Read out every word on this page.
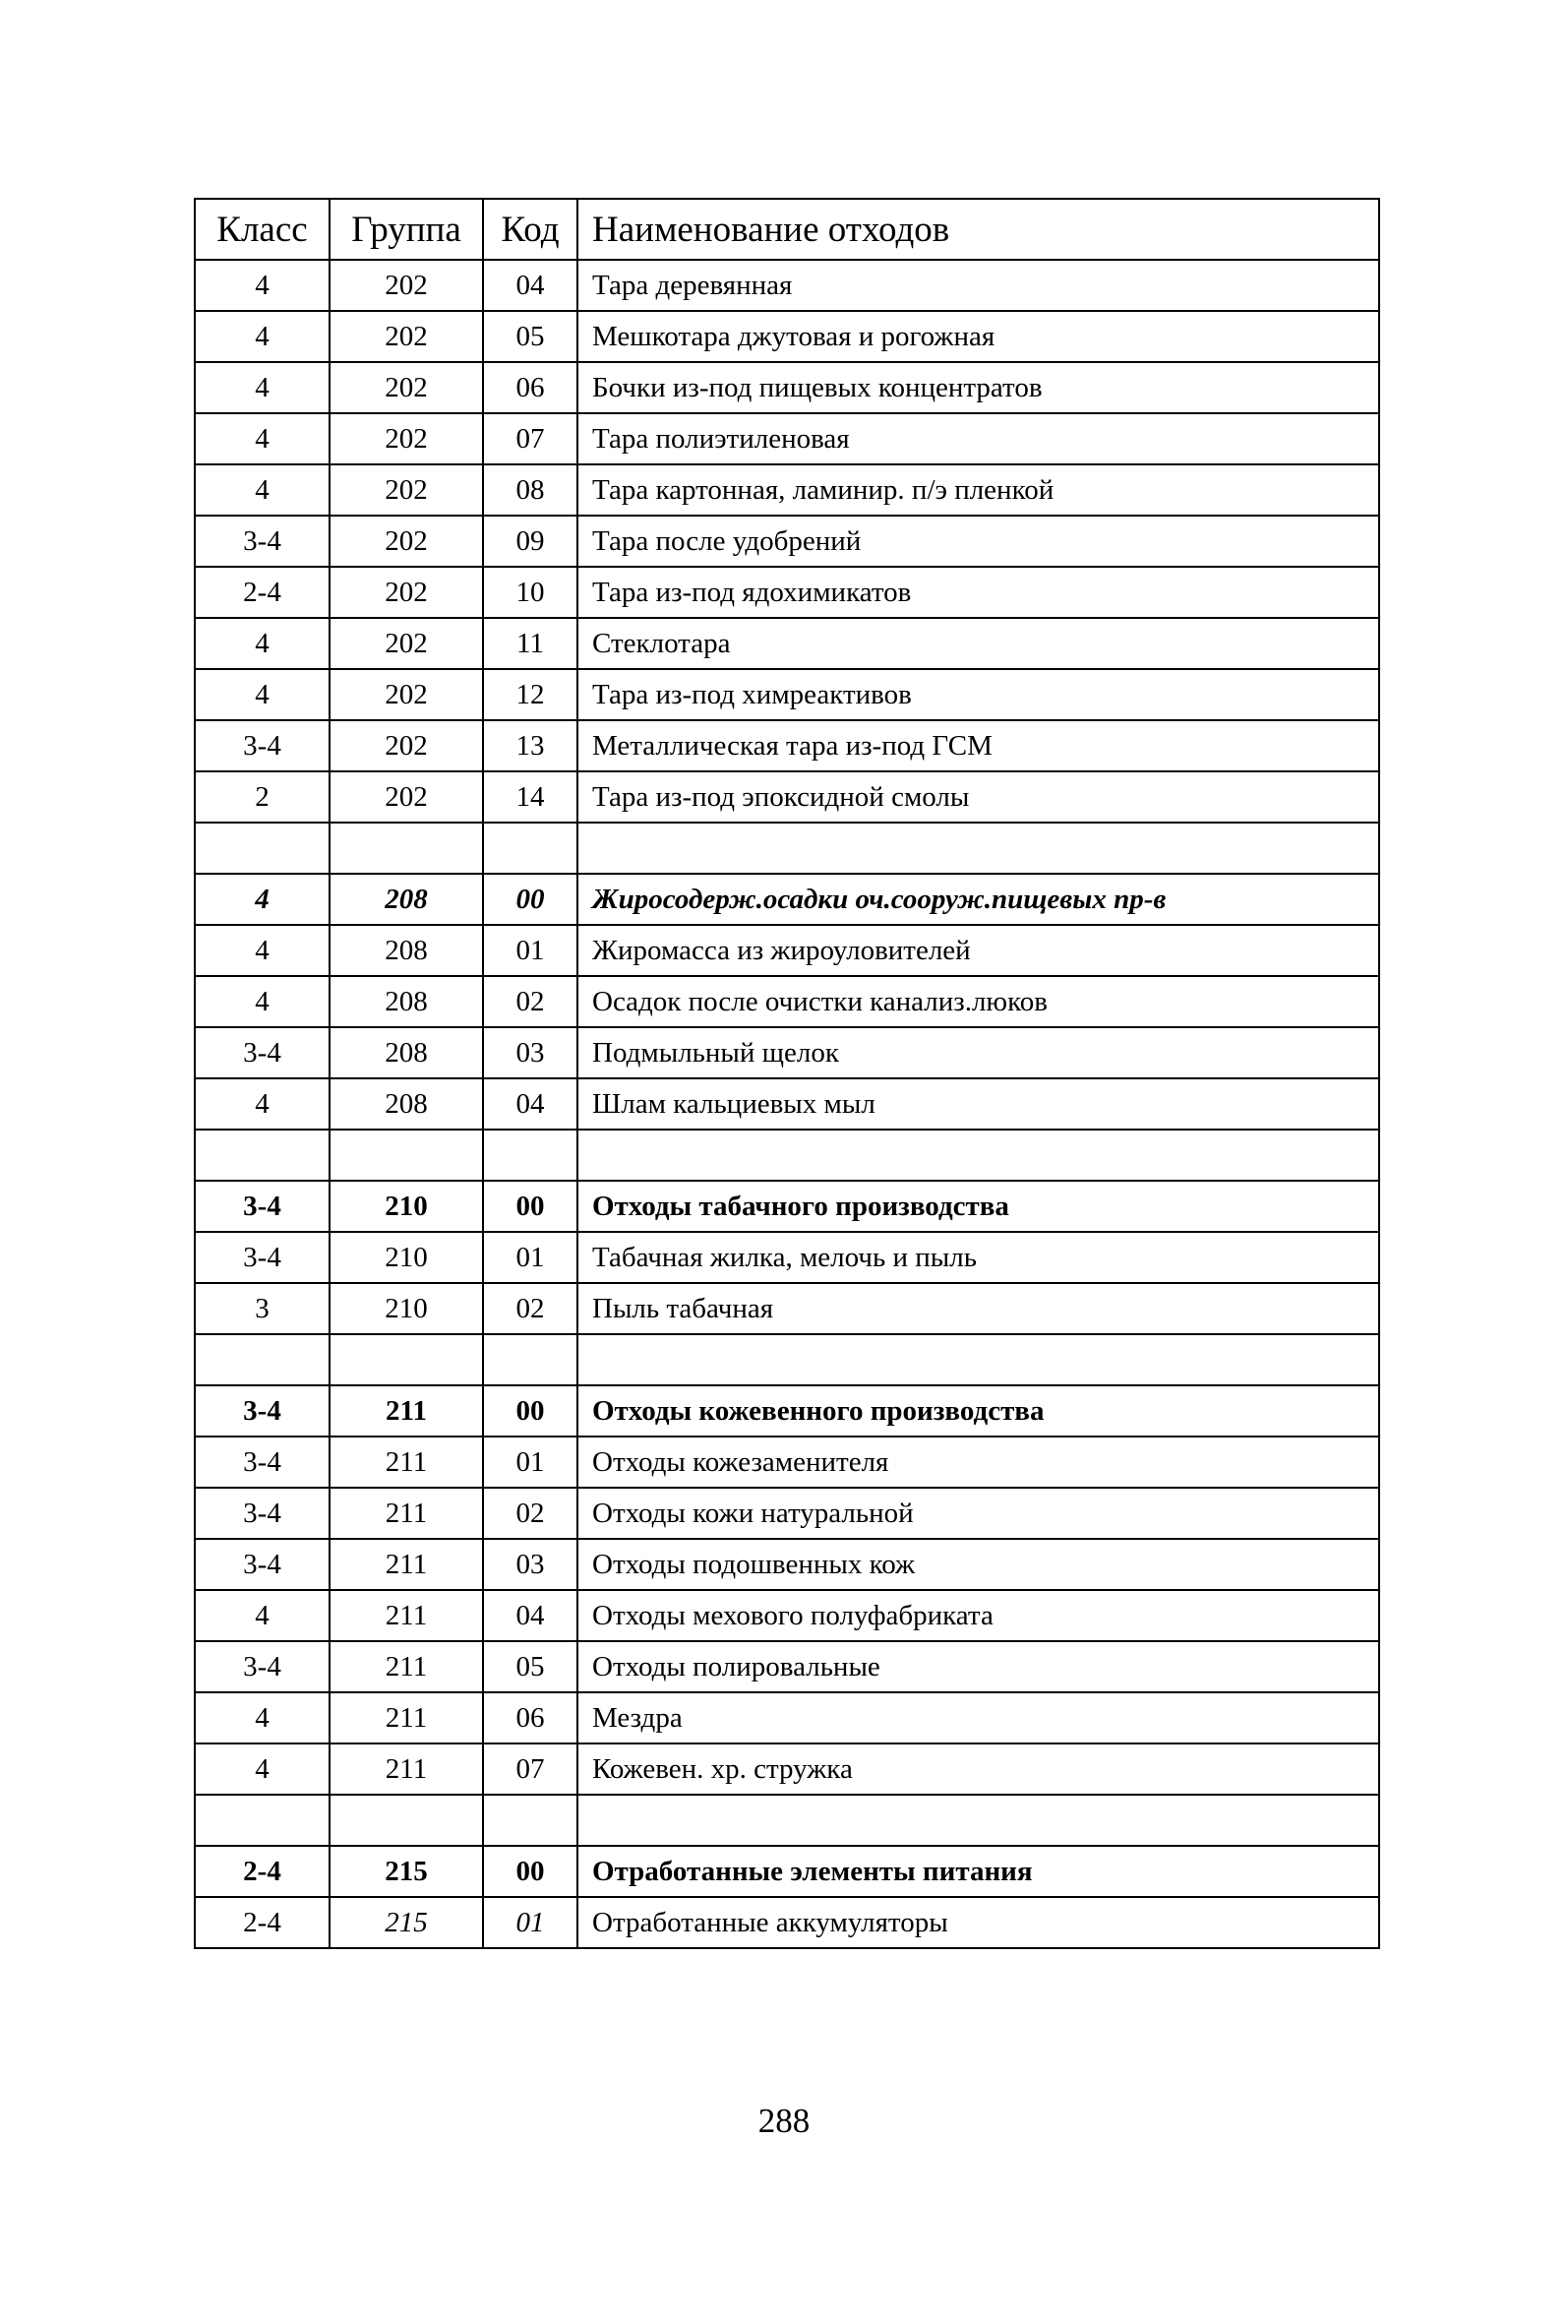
Класс	Группа	Код	Наименование отходов
4	202	04	Тара деревянная
4	202	05	Мешкотара джутовая и рогожная
4	202	06	Бочки из-под пищевых концентратов
4	202	07	Тара полиэтиленовая
4	202	08	Тара картонная, ламинир. п/э пленкой
3-4	202	09	Тара после удобрений
2-4	202	10	Тара из-под ядохимикатов
4	202	11	Стеклотара
4	202	12	Тара из-под химреактивов
3-4	202	13	Металлическая тара из-под ГСМ
2	202	14	Тара из-под эпоксидной смолы

4	208	00	Жиросодерж.осадки оч.сооруж.пищевых пр-в
4	208	01	Жиромасса из жироуловителей
4	208	02	Осадок после очистки канализ.люков
3-4	208	03	Подмыльный щелок
4	208	04	Шлам кальциевых мыл

3-4	210	00	Отходы табачного производства
3-4	210	01	Табачная жилка, мелочь и пыль
3	210	02	Пыль табачная

3-4	211	00	Отходы кожевенного производства
3-4	211	01	Отходы кожезаменителя
3-4	211	02	Отходы кожи натуральной
3-4	211	03	Отходы подошвенных кож
4	211	04	Отходы мехового полуфабриката
3-4	211	05	Отходы полировальные
4	211	06	Мездра
4	211	07	Кожевен. хр. стружка

2-4	215	00	Отработанные элементы питания
2-4	215	01	Отработанные аккумуляторы
288
